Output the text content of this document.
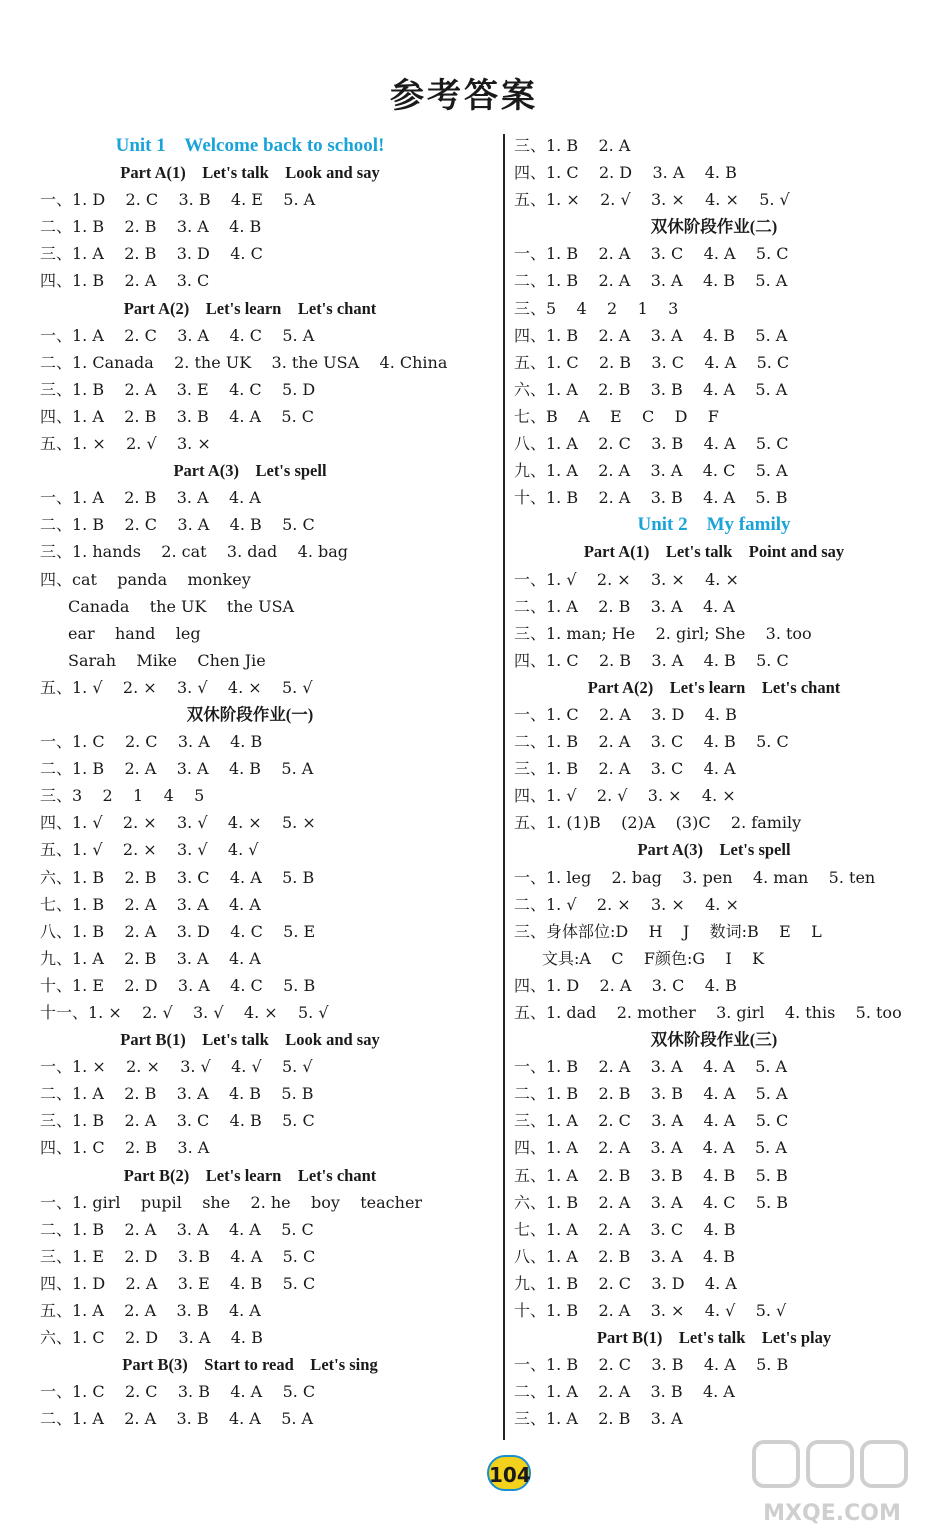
参考答案
Unit 1    Welcome back to school!
Part A(1)    Let's talk    Look and say
一、1. D    2. C    3. B    4. E    5. A
二、1. B    2. B    3. A    4. B
三、1. A    2. B    3. D    4. C
四、1. B    2. A    3. C
Part A(2)    Let's learn    Let's chant
一、1. A    2. C    3. A    4. C    5. A
二、1. Canada    2. the UK    3. the USA    4. China
三、1. B    2. A    3. E    4. C    5. D
四、1. A    2. B    3. B    4. A    5. C
五、1. ×    2. √    3. ×
Part A(3)    Let's spell
一、1. A    2. B    3. A    4. A
二、1. B    2. C    3. A    4. B    5. C
三、1. hands    2. cat    3. dad    4. bag
四、cat    panda    monkey
Canada    the UK    the USA
ear    hand    leg
Sarah    Mike    Chen Jie
五、1. √    2. ×    3. √    4. ×    5. √
双休阶段作业(一)
一、1. C    2. C    3. A    4. B
二、1. B    2. A    3. A    4. B    5. A
三、3    2    1    4    5
四、1. √    2. ×    3. √    4. ×    5. ×
五、1. √    2. ×    3. √    4. √
六、1. B    2. B    3. C    4. A    5. B
七、1. B    2. A    3. A    4. A
八、1. B    2. A    3. D    4. C    5. E
九、1. A    2. B    3. A    4. A
十、1. E    2. D    3. A    4. C    5. B
十一、1. ×    2. √    3. √    4. ×    5. √
Part B(1)    Let's talk    Look and say
一、1. ×    2. ×    3. √    4. √    5. √
二、1. A    2. B    3. A    4. B    5. B
三、1. B    2. A    3. C    4. B    5. C
四、1. C    2. B    3. A
Part B(2)    Let's learn    Let's chant
一、1. girl    pupil    she    2. he    boy    teacher
二、1. B    2. A    3. A    4. A    5. C
三、1. E    2. D    3. B    4. A    5. C
四、1. D    2. A    3. E    4. B    5. C
五、1. A    2. A    3. B    4. A
六、1. C    2. D    3. A    4. B
Part B(3)    Start to read    Let's sing
一、1. C    2. C    3. B    4. A    5. C
二、1. A    2. A    3. B    4. A    5. A
三、1. B    2. A
四、1. C    2. D    3. A    4. B
五、1. ×    2. √    3. ×    4. ×    5. √
双休阶段作业(二)
一、1. B    2. A    3. C    4. A    5. C
二、1. B    2. A    3. A    4. B    5. A
三、5    4    2    1    3
四、1. B    2. A    3. A    4. B    5. A
五、1. C    2. B    3. C    4. A    5. C
六、1. A    2. B    3. B    4. A    5. A
七、B    A    E    C    D    F
八、1. A    2. C    3. B    4. A    5. C
九、1. A    2. A    3. A    4. C    5. A
十、1. B    2. A    3. B    4. A    5. B
Unit 2    My family
Part A(1)    Let's talk    Point and say
一、1. √    2. ×    3. ×    4. ×
二、1. A    2. B    3. A    4. A
三、1. man; He    2. girl; She    3. too
四、1. C    2. B    3. A    4. B    5. C
Part A(2)    Let's learn    Let's chant
一、1. C    2. A    3. D    4. B
二、1. B    2. A    3. C    4. B    5. C
三、1. B    2. A    3. C    4. A
四、1. √    2. √    3. ×    4. ×
五、1. (1)B    (2)A    (3)C    2. family
Part A(3)    Let's spell
一、1. leg    2. bag    3. pen    4. man    5. ten
二、1. √    2. ×    3. ×    4. ×
三、身体部位:D    H    J    数词:B    E    L
文具:A    C    F颜色:G    I    K
四、1. D    2. A    3. C    4. B
五、1. dad    2. mother    3. girl    4. this    5. too
双休阶段作业(三)
一、1. B    2. A    3. A    4. A    5. A
二、1. B    2. B    3. B    4. A    5. A
三、1. A    2. C    3. A    4. A    5. C
四、1. A    2. A    3. A    4. A    5. A
五、1. A    2. B    3. B    4. B    5. B
六、1. B    2. A    3. A    4. C    5. B
七、1. A    2. A    3. C    4. B
八、1. A    2. B    3. A    4. B
九、1. B    2. C    3. D    4. A
十、1. B    2. A    3. ×    4. √    5. √
Part B(1)    Let's talk    Let's play
一、1. B    2. C    3. B    4. A    5. B
二、1. A    2. A    3. B    4. A
三、1. A    2. B    3. A
104
MXQE.COM
